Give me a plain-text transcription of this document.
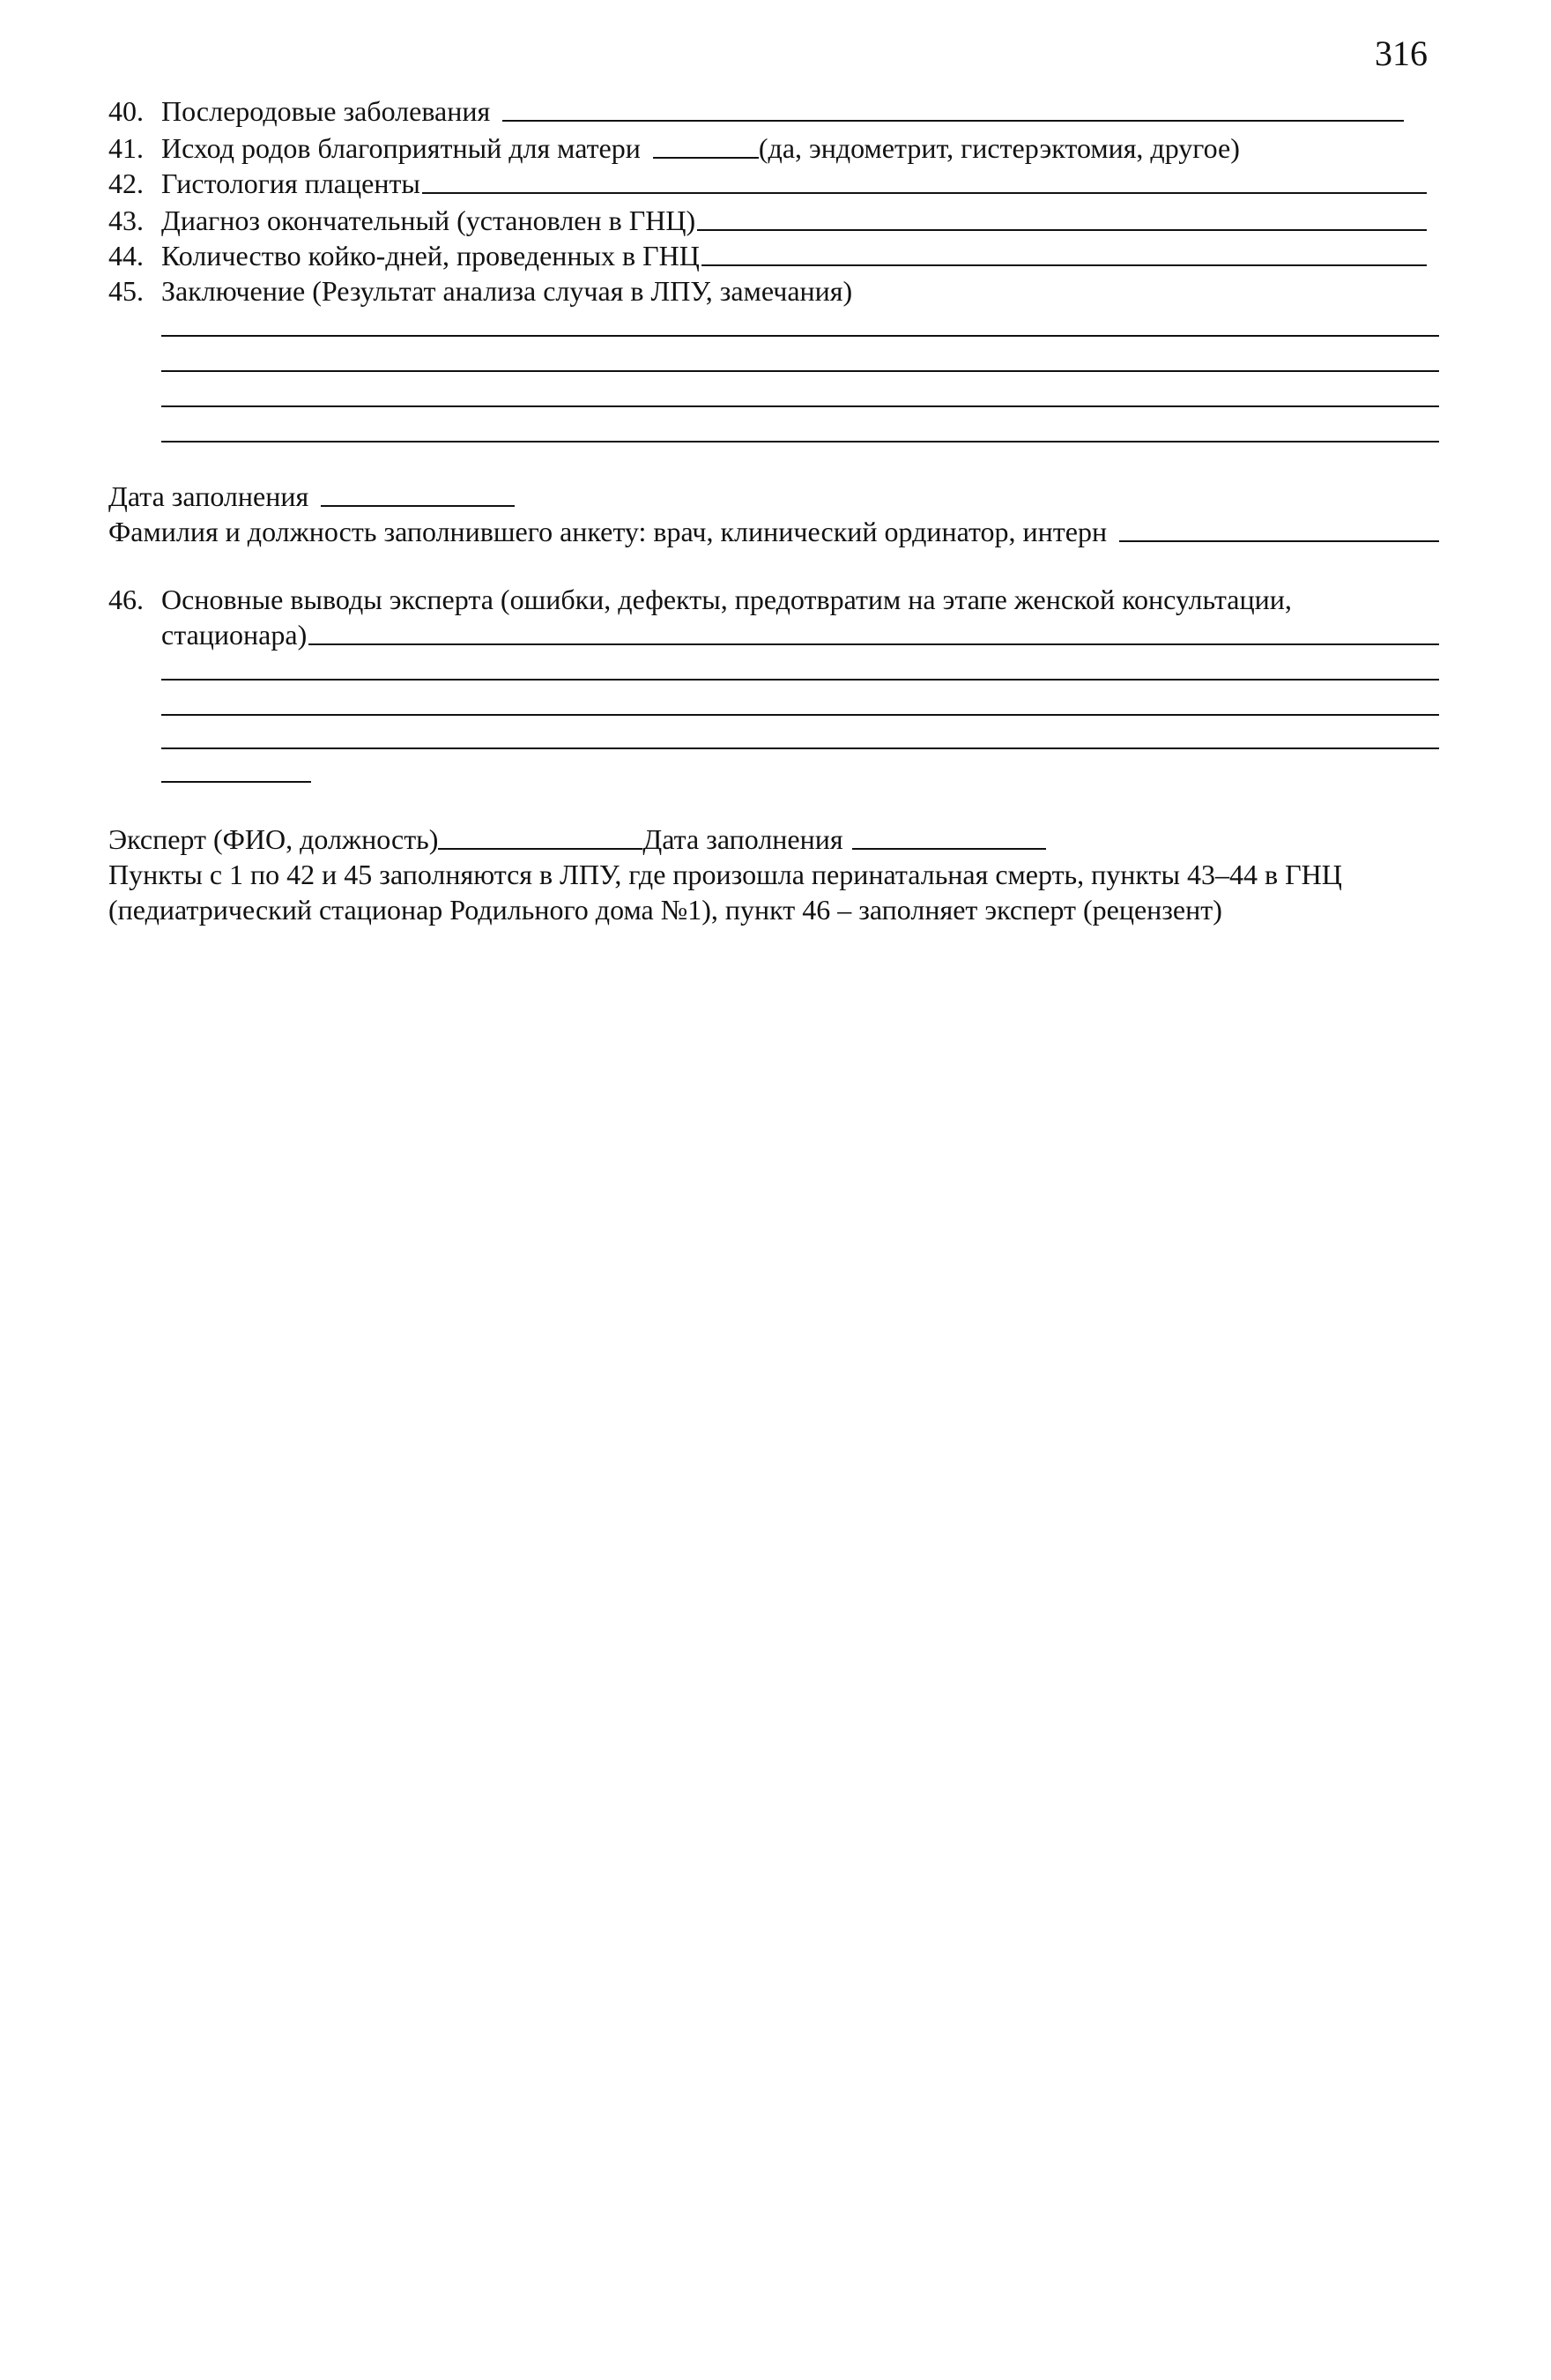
316
40. Послеродовые заболевания
41. Исход родов благоприятный для матери	(да, эндометрит, гистерэктомия, другое)
42. Гистология плаценты
43. Диагноз окончательный (установлен в ГНЦ)
44. Количество койко-дней, проведенных в ГНЦ
45. Заключение (Результат анализа случая в ЛПУ, замечания)
Дата заполнения
Фамилия и должность заполнившего анкету: врач, клинический ординатор, интерн
46. Основные выводы эксперта (ошибки, дефекты, предотвратим на этапе женской консультации,
стационара)
Эксперт (ФИО, должность)	Дата заполнения
Пункты с 1 по 42 и 45 заполняются в ЛПУ, где произошла перинатальная смерть, пункты 43–44 в ГНЦ
(педиатрический стационар Родильного дома №1), пункт 46 – заполняет эксперт (рецензент)
